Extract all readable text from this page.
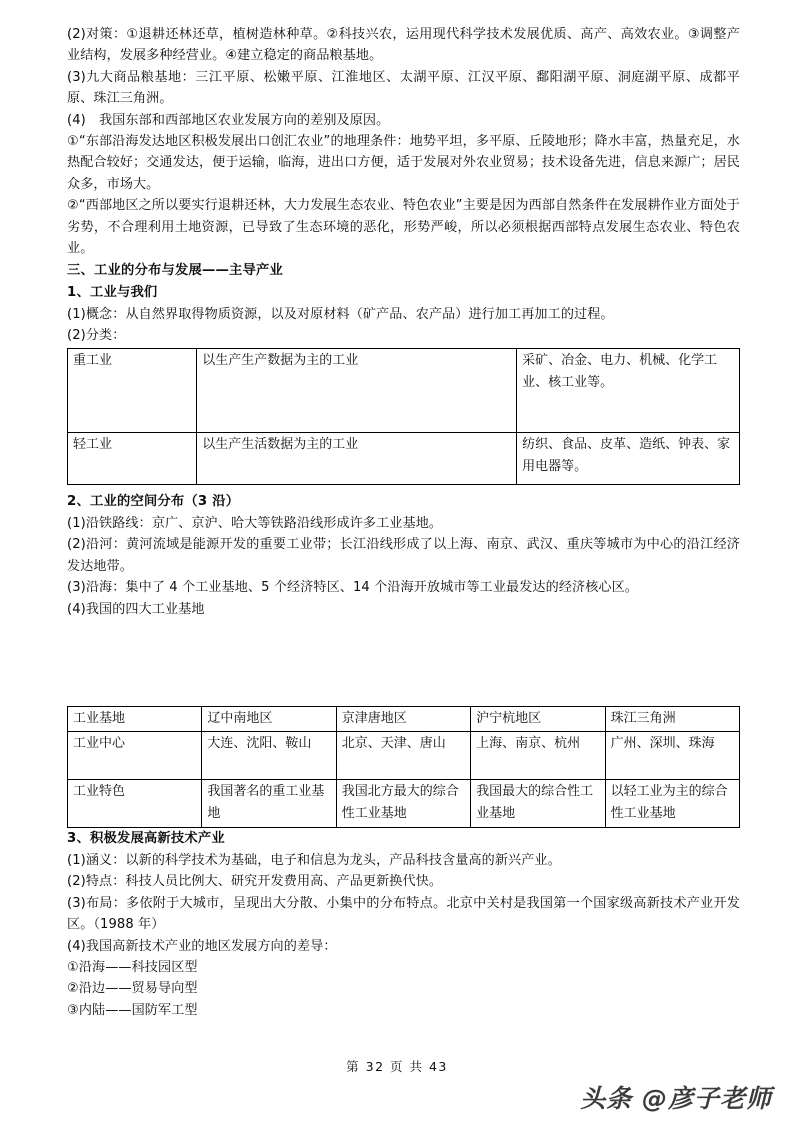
(2)对策：①退耕还林还草，植树造林种草。②科技兴农，运用现代科学技术发展优质、高产、高效农业。③调整产业结构，发展多种经营业。④建立稳定的商品粮基地。

(3)九大商品粮基地：三江平原、松嫩平原、江淮地区、太湖平原、江汉平原、鄱阳湖平原、洞庭湖平原、成都平原、珠江三角洲。

(4)　我国东部和西部地区农业发展方向的差别及原因。

①“东部沿海发达地区积极发展出口创汇农业”的地理条件：地势平坦，多平原、丘陵地形；降水丰富，热量充足，水热配合较好；交通发达，便于运输，临海，进出口方便，适于发展对外农业贸易；技术设备先进，信息来源广；居民众多，市场大。

②“西部地区之所以要实行退耕还林，大力发展生态农业、特色农业”主要是因为西部自然条件在发展耕作业方面处于劣势，不合理利用土地资源，已导致了生态环境的恶化，形势严峻，所以必须根据西部特点发展生态农业、特色农业。

三、工业的分布与发展——主导产业

1、工业与我们

(1)概念：从自然界取得物质资源，以及对原材料（矿产品、农产品）进行加工再加工的过程。

(2)分类：

重工业	以生产生产数据为主的工业	采矿、冶金、电力、机械、化学工业、核工业等。
轻工业	以生产生活数据为主的工业	纺织、食品、皮革、造纸、钟表、家用电器等。

2、工业的空间分布（3 沿）

(1)沿铁路线：京广、京沪、哈大等铁路沿线形成许多工业基地。

(2)沿河：黄河流域是能源开发的重要工业带；长江沿线形成了以上海、南京、武汉、重庆等城市为中心的沿江经济发达地带。

(3)沿海：集中了 4 个工业基地、5 个经济特区、14 个沿海开放城市等工业最发达的经济核心区。

(4)我国的四大工业基地

工业基地	辽中南地区	京津唐地区	沪宁杭地区	珠江三角洲
工业中心	大连、沈阳、鞍山	北京、天津、唐山	上海、南京、杭州	广州、深圳、珠海
工业特色	我国著名的重工业基地	我国北方最大的综合性工业基地	我国最大的综合性工业基地	以轻工业为主的综合性工业基地

3、积极发展高新技术产业

(1)涵义：以新的科学技术为基础，电子和信息为龙头，产品科技含量高的新兴产业。

(2)特点：科技人员比例大、研究开发费用高、产品更新换代快。

(3)布局：多依附于大城市，呈现出大分散、小集中的分布特点。北京中关村是我国第一个国家级高新技术产业开发区。（1988 年）

(4)我国高新技术产业的地区发展方向的差导：

①沿海——科技园区型

②沿边——贸易导向型

③内陆——国防军工型

第 32 页 共 43
头条 @彦子老师
